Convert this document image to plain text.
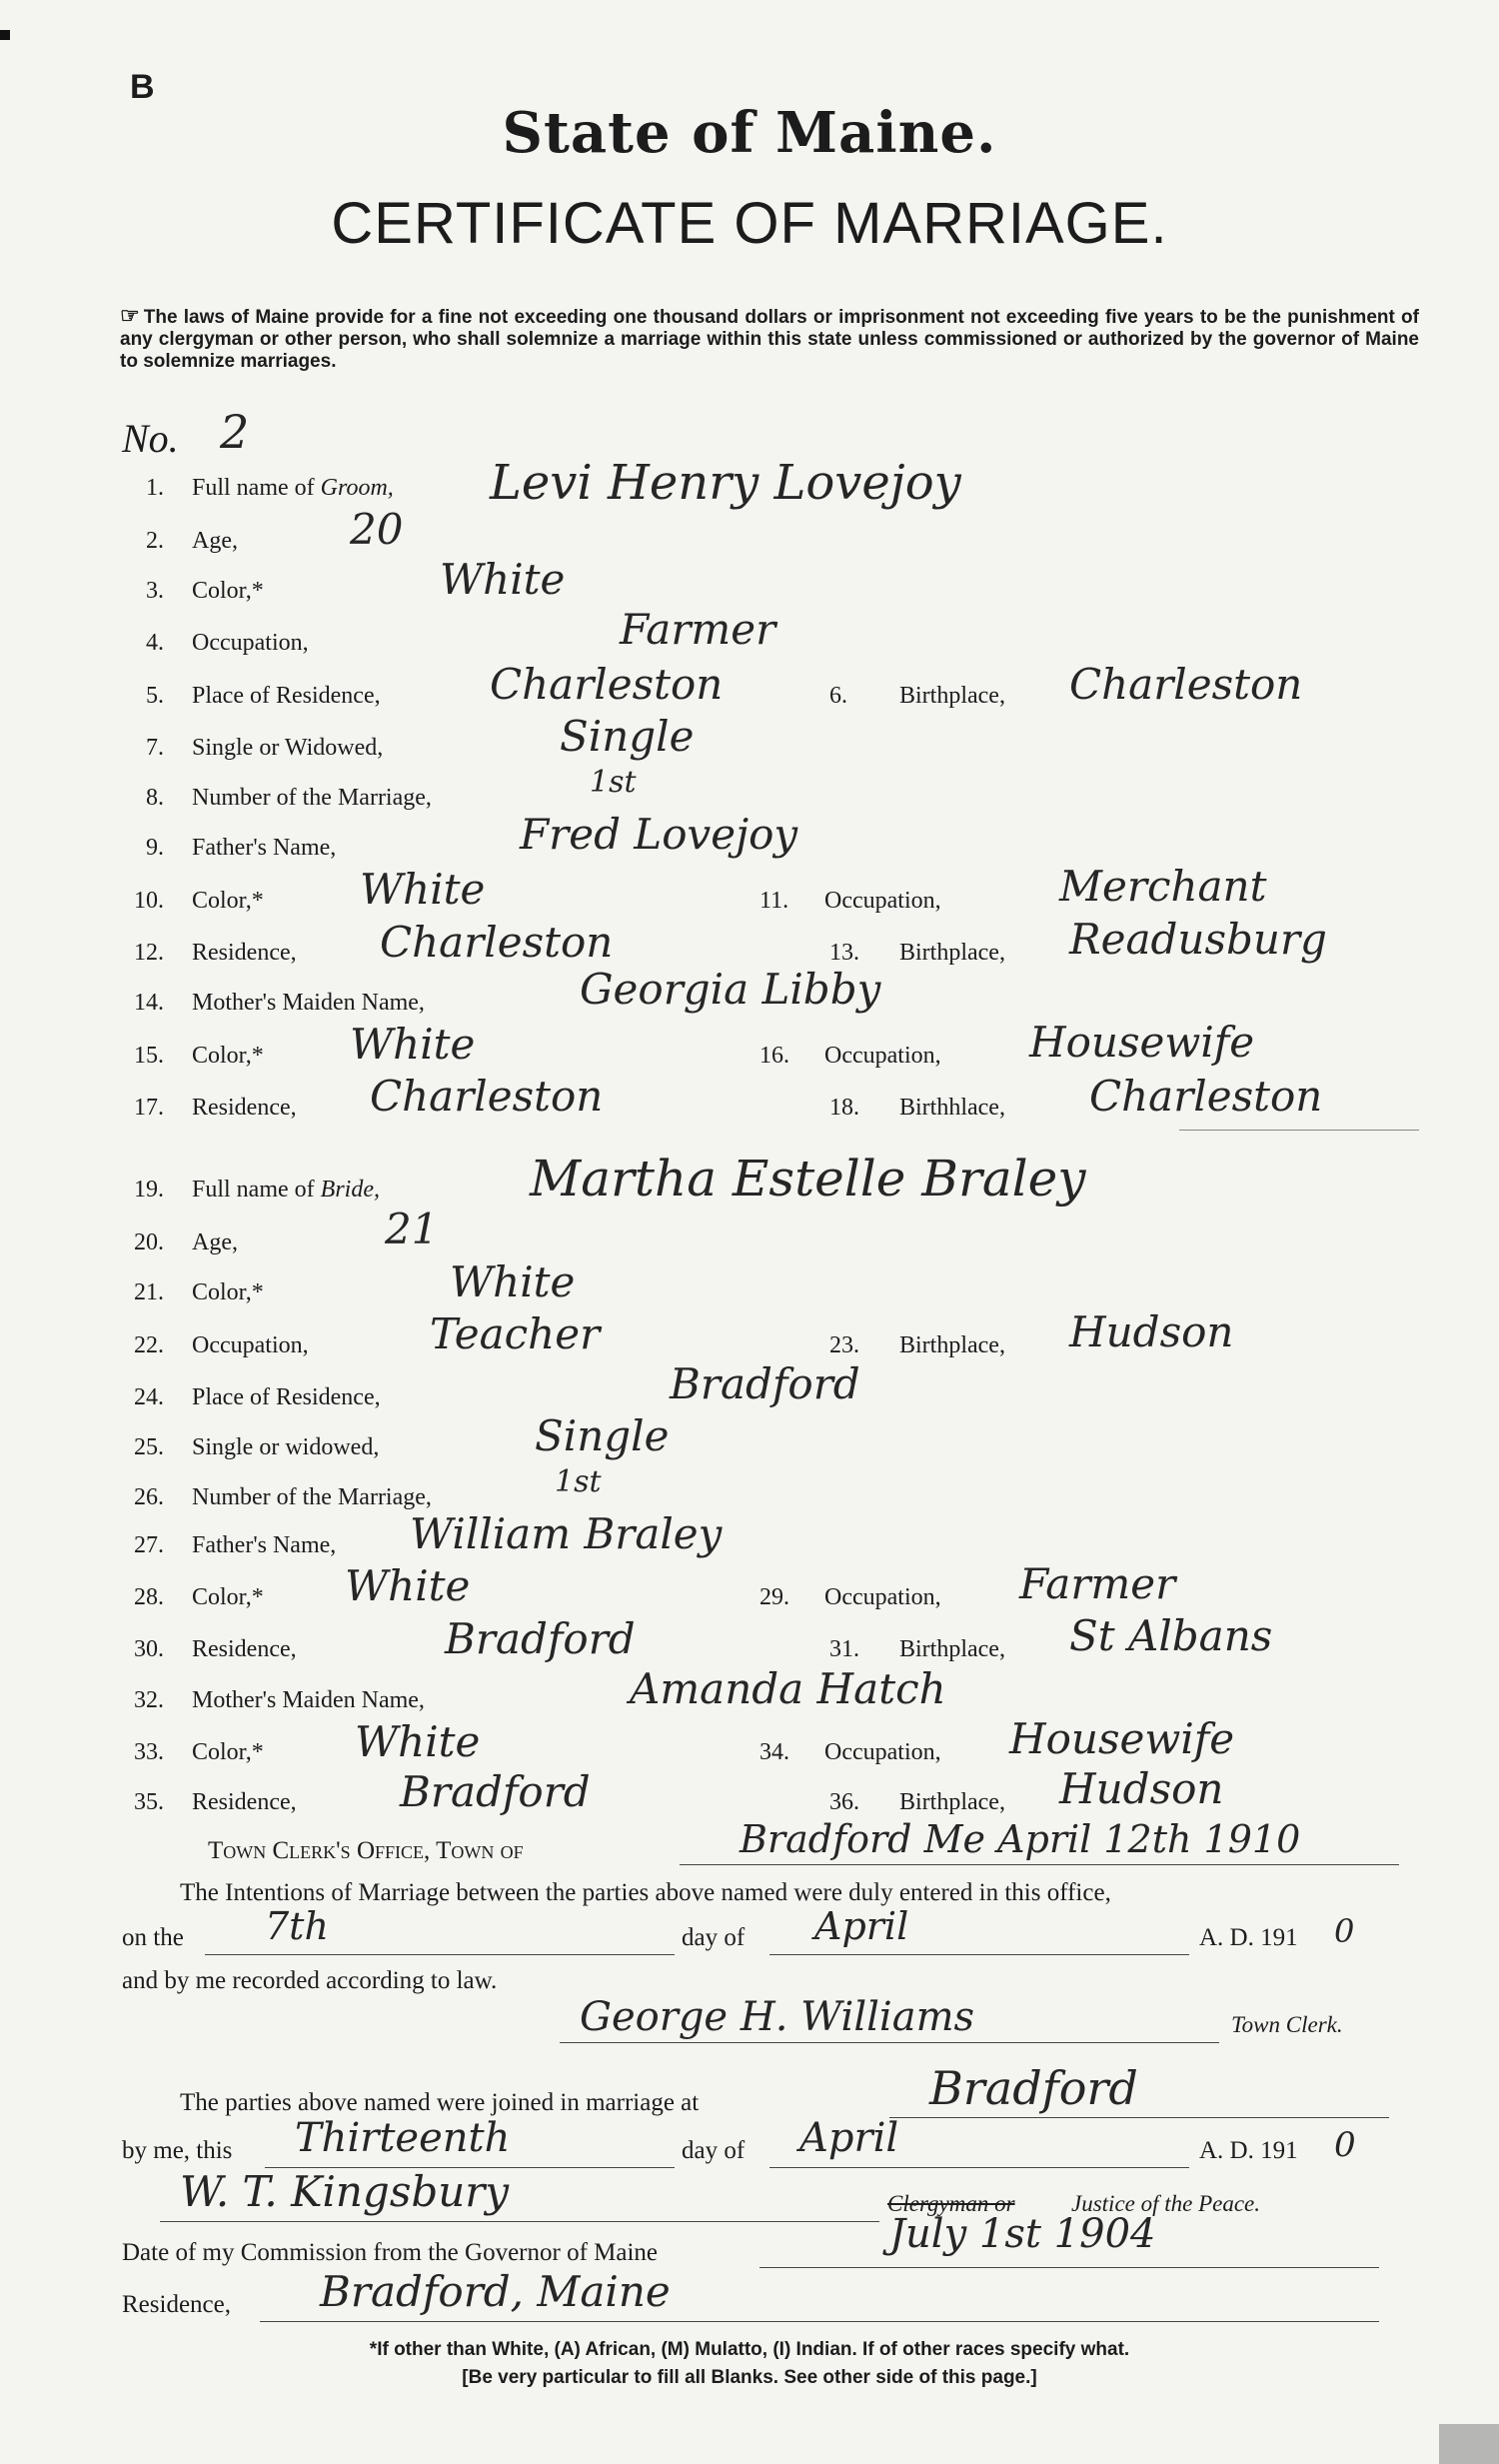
B
State of Maine.
CERTIFICATE OF MARRIAGE.
☞ The laws of Maine provide for a fine not exceeding one thousand dollars or imprisonment not exceeding five years to be the punishment of any clergyman or other person, who shall solemnize a marriage within this state unless commissioned or authorized by the governor of Maine to solemnize marriages.
No. 2
1. Full name of Groom, Levi Henry Lovejoy
2. Age,	20
3. Color,*	White
4. Occupation,	Farmer
5. Place of Residence,	Charleston	6.	Birthplace, Charleston
7. Single or Widowed,	Single
8. Number of the Marriage,	1st
9. Father's Name,	Fred Lovejoy
10. Color,* White	11.	Occupation,	Merchant
12. Residence, Charleston	13.	Birthplace, Readusburg
14. Mother's Maiden Name,	Georgia Libby
15. Color,* White	16.	Occupation, Housewife
17. Residence, Charleston	18.	Birthhlace, Charleston
19. Full name of Bride,	Martha Estelle Braley
20. Age,	21
21. Color,*	White
22. Occupation,	Teacher	23.	Birthplace, Hudson
24. Place of Residence,	Bradford
25. Single or widowed,	Single
26. Number of the Marriage,	1st
27. Father's Name, William Braley
28. Color,* White	29.	Occupation, Farmer
30. Residence,	Bradford	31.	Birthplace, St Albans
32. Mother's Maiden Name,	Amanda Hatch
33. Color,* White	34.	Occupation, Housewife
35. Residence, Bradford	36.	Birthplace, Hudson
Town Clerk's Office, Town of	Bradford Me April 12th 1910
The Intentions of Marriage between the parties above named were duly entered in this office,
on the 7th	day of April	A. D. 191 0
and by me recorded according to law.
George H. Williams	Town Clerk.
The parties above named were joined in marriage at	Bradford
by me, this Thirteenth	day of April	A. D. 191 0
W. T. Kingsbury	Clergyman or Justice of the Peace.
Date of my Commission from the Governor of Maine	July 1st 1904
Residence, Bradford, Maine
*If other than White, (A) African, (M) Mulatto, (I) Indian. If of other races specify what.
[Be very particular to fill all Blanks. See other side of this page.]
